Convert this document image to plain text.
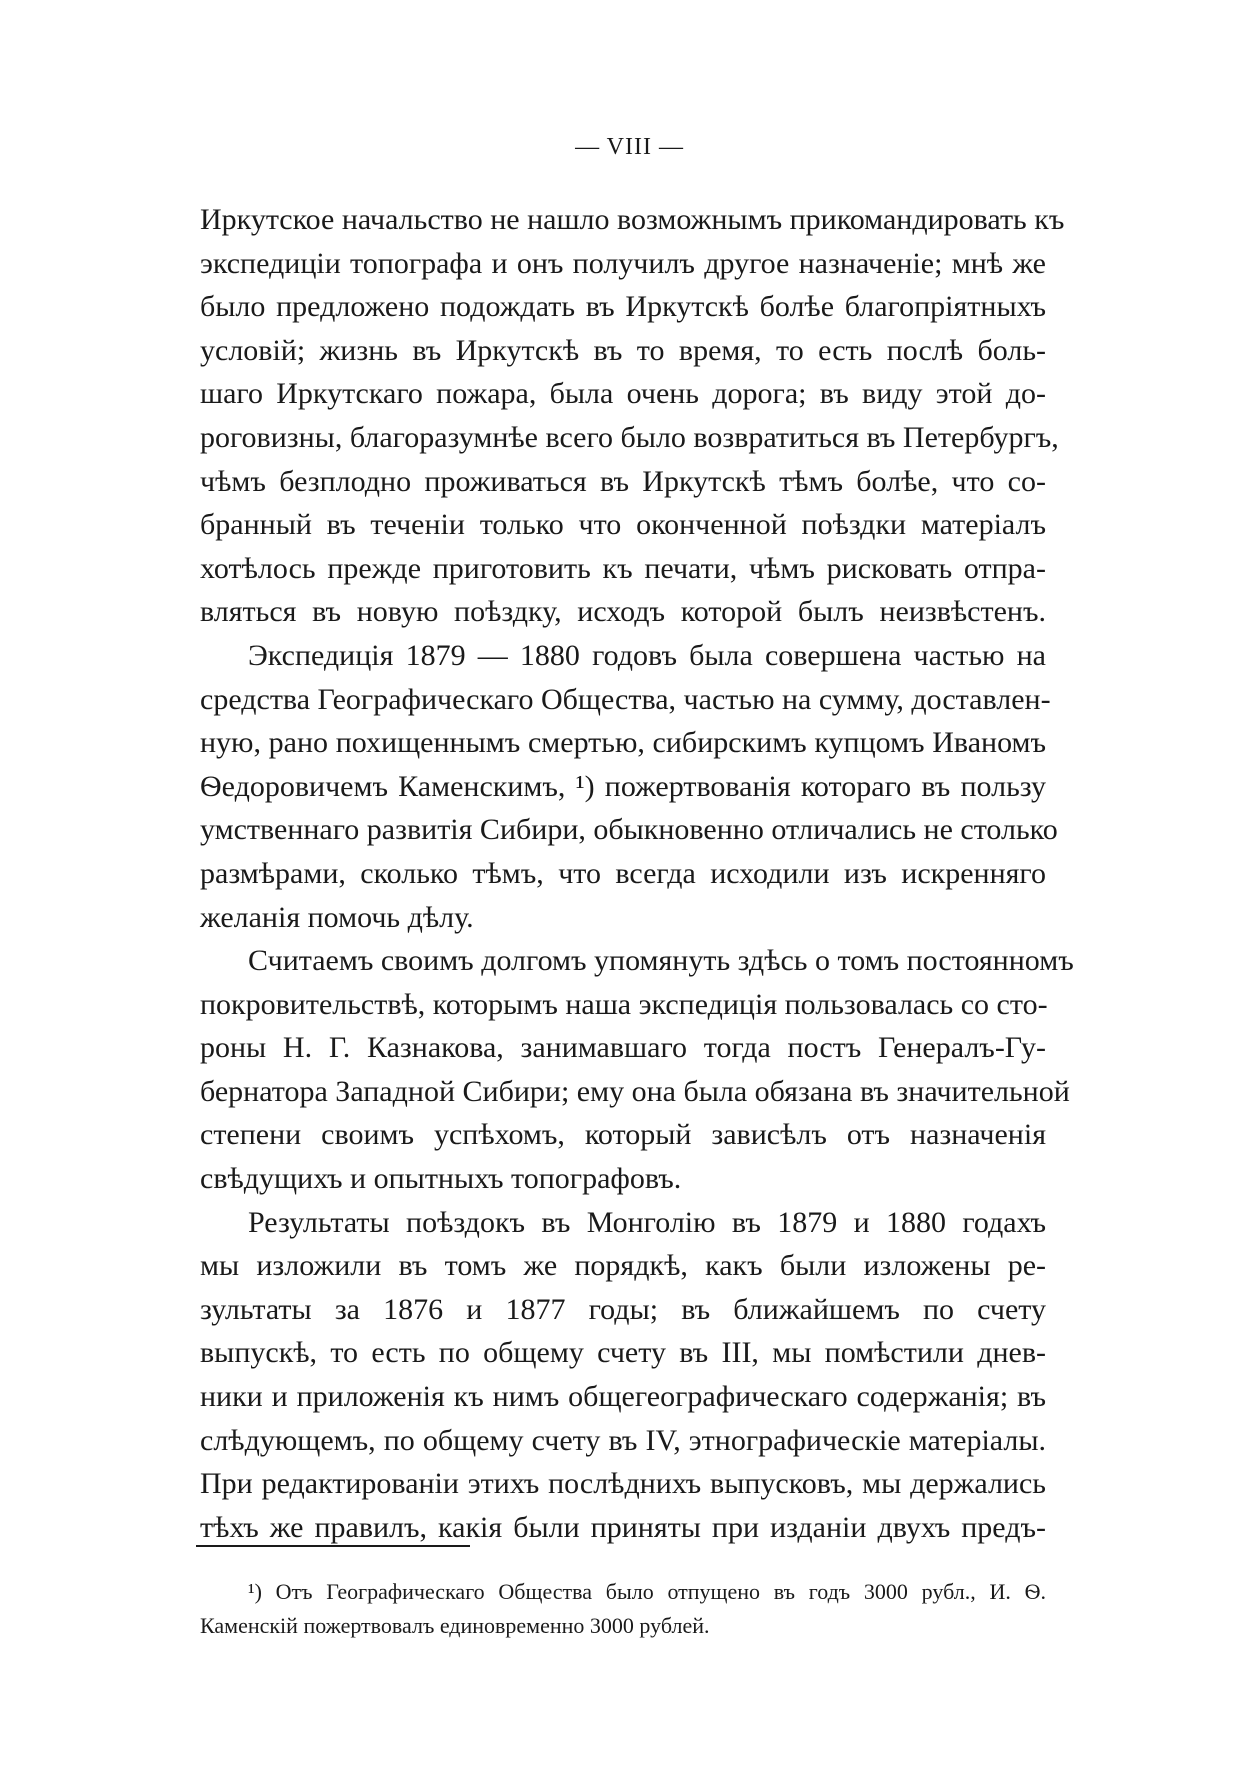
— VIII —
Иркутское начальство не нашло возможнымъ прикомандировать къ
экспедиціи топографа и онъ получилъ другое назначеніе; мнѣ же
было предложено подождать въ Иркутскѣ болѣе благопріятныхъ
условій; жизнь въ Иркутскѣ въ то время, то есть послѣ боль-
шаго Иркутскаго пожара, была очень дорога; въ виду этой до-
роговизны, благоразумнѣе всего было возвратиться въ Петербургъ,
чѣмъ безплодно проживаться въ Иркутскѣ тѣмъ болѣе, что со-
бранный въ теченіи только что оконченной поѣздки матеріалъ
хотѣлось прежде приготовить къ печати, чѣмъ рисковать отпра-
вляться въ новую поѣздку, исходъ которой былъ неизвѣстенъ.
Экспедиція 1879 — 1880 годовъ была совершена частью на
средства Географическаго Общества, частью на сумму, доставлен-
ную, рано похищеннымъ смертью, сибирскимъ купцомъ Иваномъ
Ѳедоровичемъ Каменскимъ, ¹) пожертвованія котораго въ пользу
умственнаго развитія Сибири, обыкновенно отличались не столько
размѣрами, сколько тѣмъ, что всегда исходили изъ искренняго
желанія помочь дѣлу.
Считаемъ своимъ долгомъ упомянуть здѣсь о томъ постоянномъ
покровительствѣ, которымъ наша экспедиція пользовалась со сто-
роны Н. Г. Казнакова, занимавшаго тогда постъ Генералъ-Гу-
бернатора Западной Сибири; ему она была обязана въ значительной
степени своимъ успѣхомъ, который зависѣлъ отъ назначенія
свѣдущихъ и опытныхъ топографовъ.
Результаты поѣздокъ въ Монголію въ 1879 и 1880 годахъ
мы изложили въ томъ же порядкѣ, какъ были изложены ре-
зультаты за 1876 и 1877 годы; въ ближайшемъ по счету
выпускѣ, то есть по общему счету въ III, мы помѣстили днев-
ники и приложенія къ нимъ общегеографическаго содержанія; въ
слѣдующемъ, по общему счету въ IV, этнографическіе матеріалы.
При редактированіи этихъ послѣднихъ выпусковъ, мы держались
тѣхъ же правилъ, какія были приняты при изданіи двухъ предъ-
¹) Отъ Географическаго Общества было отпущено въ годъ 3000 рубл., И. Ѳ.
Каменскій пожертвовалъ единовременно 3000 рублей.
